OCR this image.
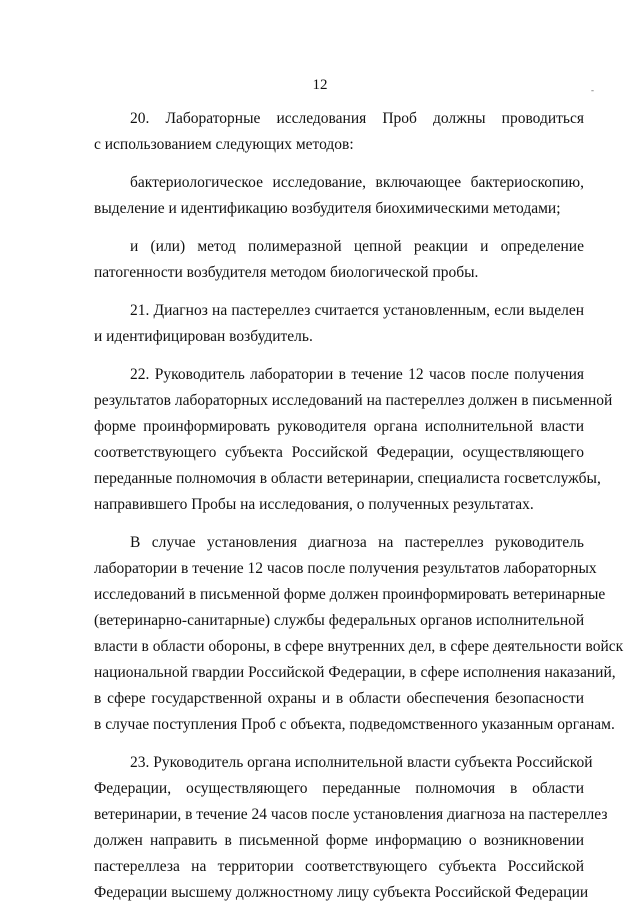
12	-
20. Лабораторные исследования Проб должны проводиться
с использованием следующих методов:
бактериологическое исследование, включающее бактериоскопию,
выделение и идентификацию возбудителя биохимическими методами;
и (или) метод полимеразной цепной реакции и определение
патогенности возбудителя методом биологической пробы.
21. Диагноз на пастереллез считается установленным, если выделен
и идентифицирован возбудитель.
22. Руководитель лаборатории в течение 12 часов после получения
результатов лабораторных исследований на пастереллез должен в письменной
форме проинформировать руководителя органа исполнительной власти
соответствующего субъекта Российской Федерации, осуществляющего
переданные полномочия в области ветеринарии, специалиста госветслужбы,
направившего Пробы на исследования, о полученных результатах.
В случае установления диагноза на пастереллез руководитель
лаборатории в течение 12 часов после получения результатов лабораторных
исследований в письменной форме должен проинформировать ветеринарные
(ветеринарно-санитарные) службы федеральных органов исполнительной
власти в области обороны, в сфере внутренних дел, в сфере деятельности войск
национальной гвардии Российской Федерации, в сфере исполнения наказаний,
в сфере государственной охраны и в области обеспечения безопасности
в случае поступления Проб с объекта, подведомственного указанным органам.
23. Руководитель органа исполнительной власти субъекта Российской
Федерации, осуществляющего переданные полномочия в области
ветеринарии, в течение 24 часов после установления диагноза на пастереллез
должен направить в письменной форме информацию о возникновении
пастереллеза на территории соответствующего субъекта Российской
Федерации высшему должностному лицу субъекта Российской Федерации
